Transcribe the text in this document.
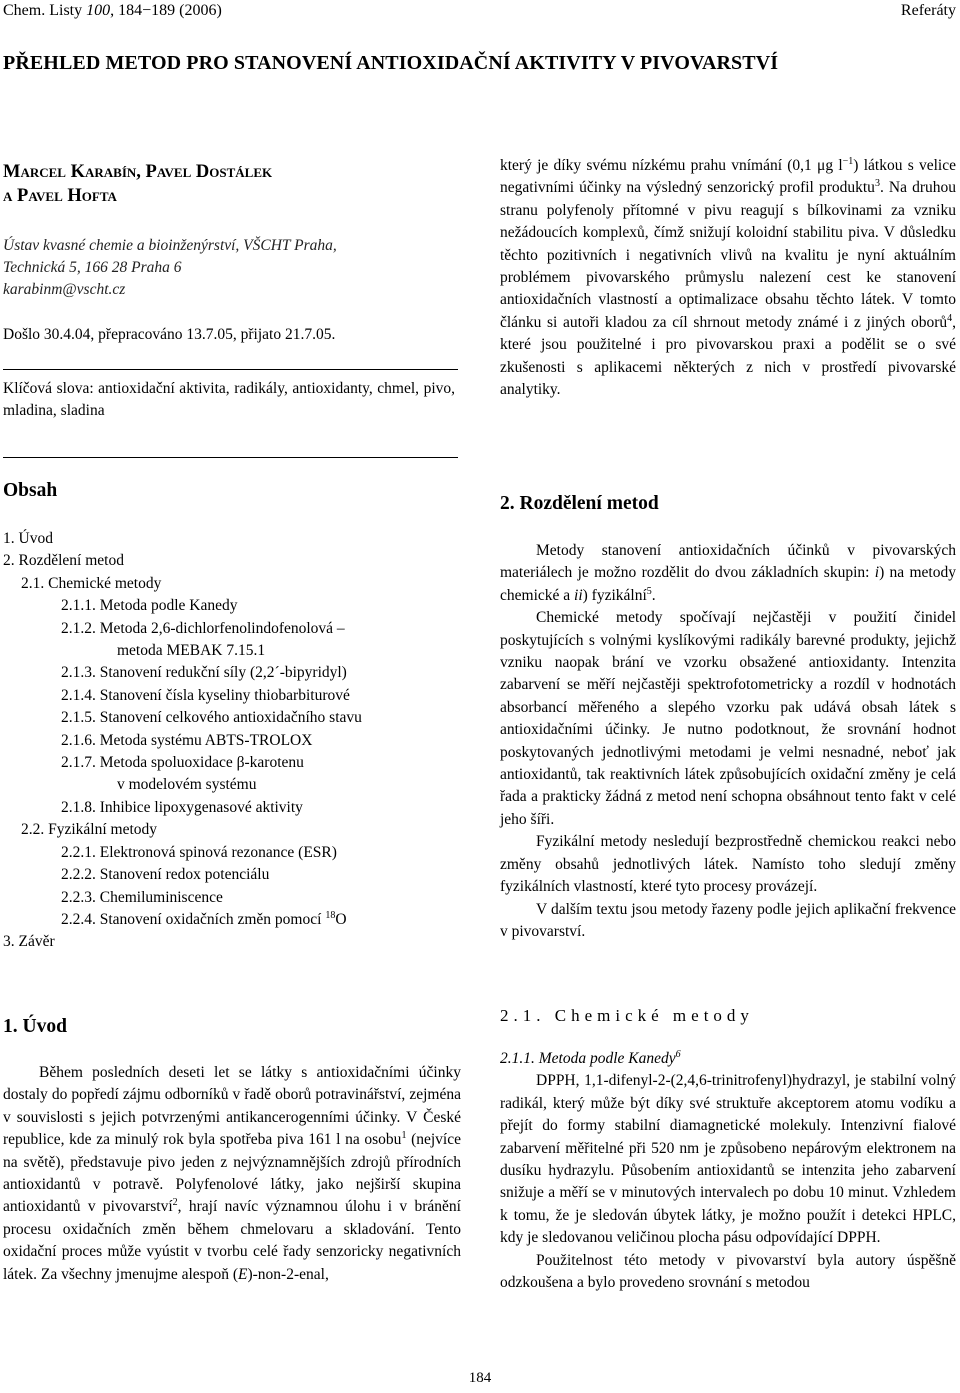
Chem. Listy 100, 184−189 (2006)	Referáty
PŘEHLED METOD PRO STANOVENÍ ANTIOXIDAČNÍ AKTIVITY V PIVOVARSTVÍ
Marcel Karabín, Pavel Dostálek
a Pavel Hofta
Ústav kvasné chemie a bioinženýrství, VŠCHT Praha,
Technická 5, 166 28 Praha 6
karabinm@vscht.cz
Došlo 30.4.04, přepracováno 13.7.05, přijato 21.7.05.
Klíčová slova: antioxidační aktivita, radikály, antioxidanty, chmel, pivo, mladina, sladina
Obsah
1. Úvod
2. Rozdělení metod
2.1. Chemické metody
2.1.1. Metoda podle Kanedy
2.1.2. Metoda 2,6-dichlorfenolindofenolová –
metoda MEBAK 7.15.1
2.1.3. Stanovení redukční síly (2,2´-bipyridyl)
2.1.4. Stanovení čísla kyseliny thiobarbiturové
2.1.5. Stanovení celkového antioxidačního stavu
2.1.6. Metoda systému ABTS-TROLOX
2.1.7. Metoda spoluoxidace β-karotenu
v modelovém systému
2.1.8. Inhibice lipoxygenasové aktivity
2.2. Fyzikální metody
2.2.1. Elektronová spinová rezonance (ESR)
2.2.2. Stanovení redox potenciálu
2.2.3. Chemiluminiscence
2.2.4. Stanovení oxidačních změn pomocí $^{18}$O
3. Závěr
1. Úvod
Během posledních deseti let se látky s antioxidačními účinky dostaly do popředí zájmu odborníků v řadě oborů potravinářství, zejména v souvislosti s jejich potvrzenými antikancerogenními účinky. V České republice, kde za minulý rok byla spotřeba piva 161 l na osobu$^1$ (nejvíce na světě), představuje pivo jeden z nejvýznamnějších zdrojů přírodních antioxidantů v potravě. Polyfenolové látky, jako nejširší skupina antioxidantů v pivovarství$^2$, hrají navíc významnou úlohu i v bránění procesu oxidačních změn během chmelovaru a skladování. Tento oxidační proces může vyústit v tvorbu celé řady senzoricky negativních látek. Za všechny jmenujme alespoň (E)-non-2-enal,
který je díky svému nízkému prahu vnímání (0,1 μg $l^{-1}$) látkou s velice negativními účinky na výsledný senzorický profil produktu$^3$. Na druhou stranu polyfenoly přítomné v pivu reagují s bílkovinami za vzniku nežádoucích komplexů, čímž snižují koloidní stabilitu piva. V důsledku těchto pozitivních i negativních vlivů na kvalitu je nyní aktuálním problémem pivovarského průmyslu nalezení cest ke stanovení antioxidačních vlastností a optimalizace obsahu těchto látek. V tomto článku si autoři kladou za cíl shrnout metody známé i z jiných oborů$^4$, které jsou použitelné i pro pivovarskou praxi a podělit se o své zkušenosti s aplikacemi některých z nich v prostředí pivovarské analytiky.
2. Rozdělení metod
Metody stanovení antioxidačních účinků v pivovarských materiálech je možno rozdělit do dvou základních skupin: i) na metody chemické a ii) fyzikální$^5$.
Chemické metody spočívají nejčastěji v použití činidel poskytujících s volnými kyslíkovými radikály barevné produkty, jejichž vzniku naopak brání ve vzorku obsažené antioxidanty. Intenzita zabarvení se měří nejčastěji spektrofotometricky a rozdíl v hodnotách absorbancí měřeného a slepého vzorku pak udává obsah látek s antioxidačními účinky. Je nutno podotknout, že srovnání hodnot poskytovaných jednotlivými metodami je velmi nesnadné, neboť jak antioxidantů, tak reaktivních látek způsobujících oxidační změny je celá řada a prakticky žádná z metod není schopna obsáhnout tento fakt v celé jeho šíři.
Fyzikální metody nesledují bezprostředně chemickou reakci nebo změny obsahů jednotlivých látek. Namísto toho sledují změny fyzikálních vlastností, které tyto procesy provázejí.
V dalším textu jsou metody řazeny podle jejich aplikační frekvence v pivovarství.
2.1. Chemické metody
2.1.1. Metoda podle Kanedy$^6$
DPPH, 1,1-difenyl-2-(2,4,6-trinitrofenyl)hydrazyl, je stabilní volný radikál, který může být díky své struktuře akceptorem atomu vodíku a přejít do formy stabilní diamagnetické molekuly. Intenzivní fialové zabarvení měřitelné při 520 nm je způsobeno nepárovým elektronem na dusíku hydrazylu. Působením antioxidantů se intenzita jeho zabarvení snižuje a měří se v minutových intervalech po dobu 10 minut. Vzhledem k tomu, že je sledován úbytek látky, je možno použít i detekci HPLC, kdy je sledovanou veličinou plocha pásu odpovídající DPPH.
Použitelnost této metody v pivovarství byla autory úspěšně odzkoušena a bylo provedeno srovnání s metodou
184
